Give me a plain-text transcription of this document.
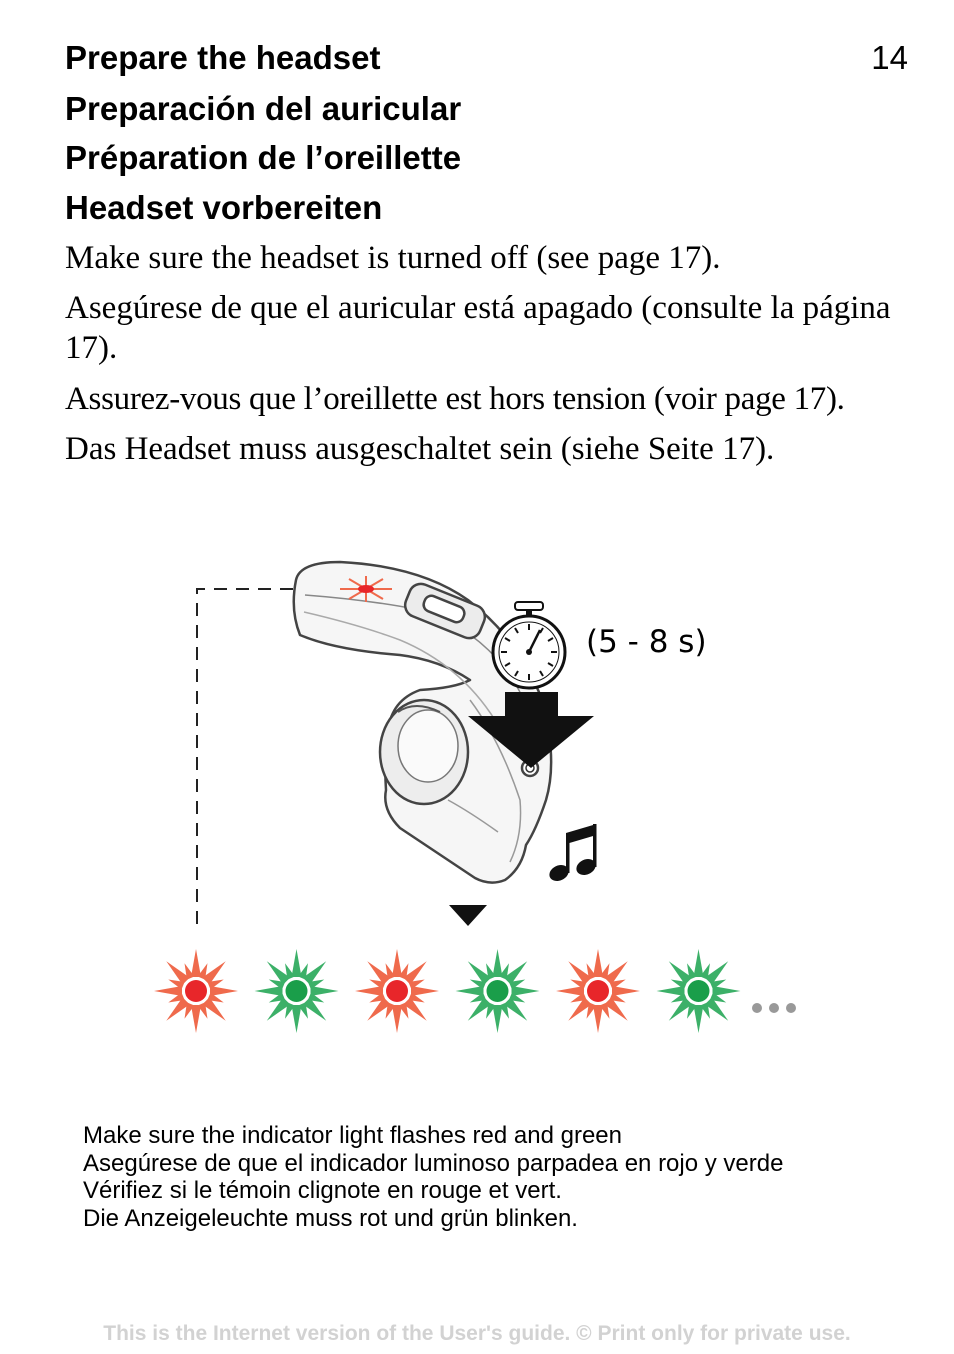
Prepare the headset	14
Preparación del auricular
Préparation de l’oreillette
Headset vorbereiten

Make sure the headset is turned off (see page 17).

Asegúrese de que el auricular está apagado (consulte la página 17).

Assurez-vous que l’oreillette est hors tension (voir page 17).

Das Headset muss ausgeschaltet sein (siehe Seite 17).

(5 - 8 s)
Make sure the indicator light flashes red and green
Asegúrese de que el indicador luminoso parpadea en rojo y verde
Vérifiez si le témoin clignote en rouge et vert.
Die Anzeigeleuchte muss rot und grün blinken.
This is the Internet version of the User's guide. © Print only for private use.
